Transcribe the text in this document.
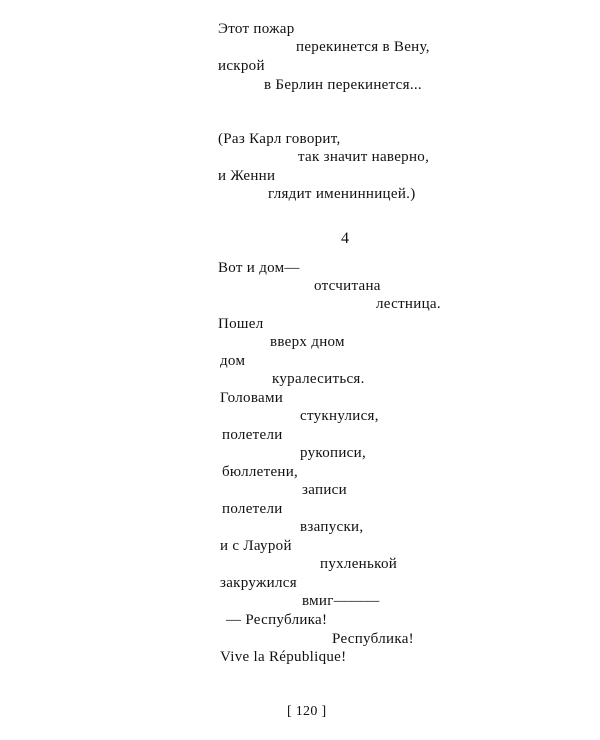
Этот пожар
перекинется в Вену,
искрой
в Берлин перекинется...
(Раз Карл говорит,
так значит наверно,
и Женни
глядит именинницей.)
4
Вот и дом—
отсчитана
лестница.
Пошел
вверх дном
дом
куралеситься.
Головами
стукнулися,
полетели
рукописи,
бюллетени,
записи
полетели
взапуски,
и с Лаурой
пухленькой
закружился
вмиг———
— Республика!
Республика!
Vive la République!
[ 120 ]
